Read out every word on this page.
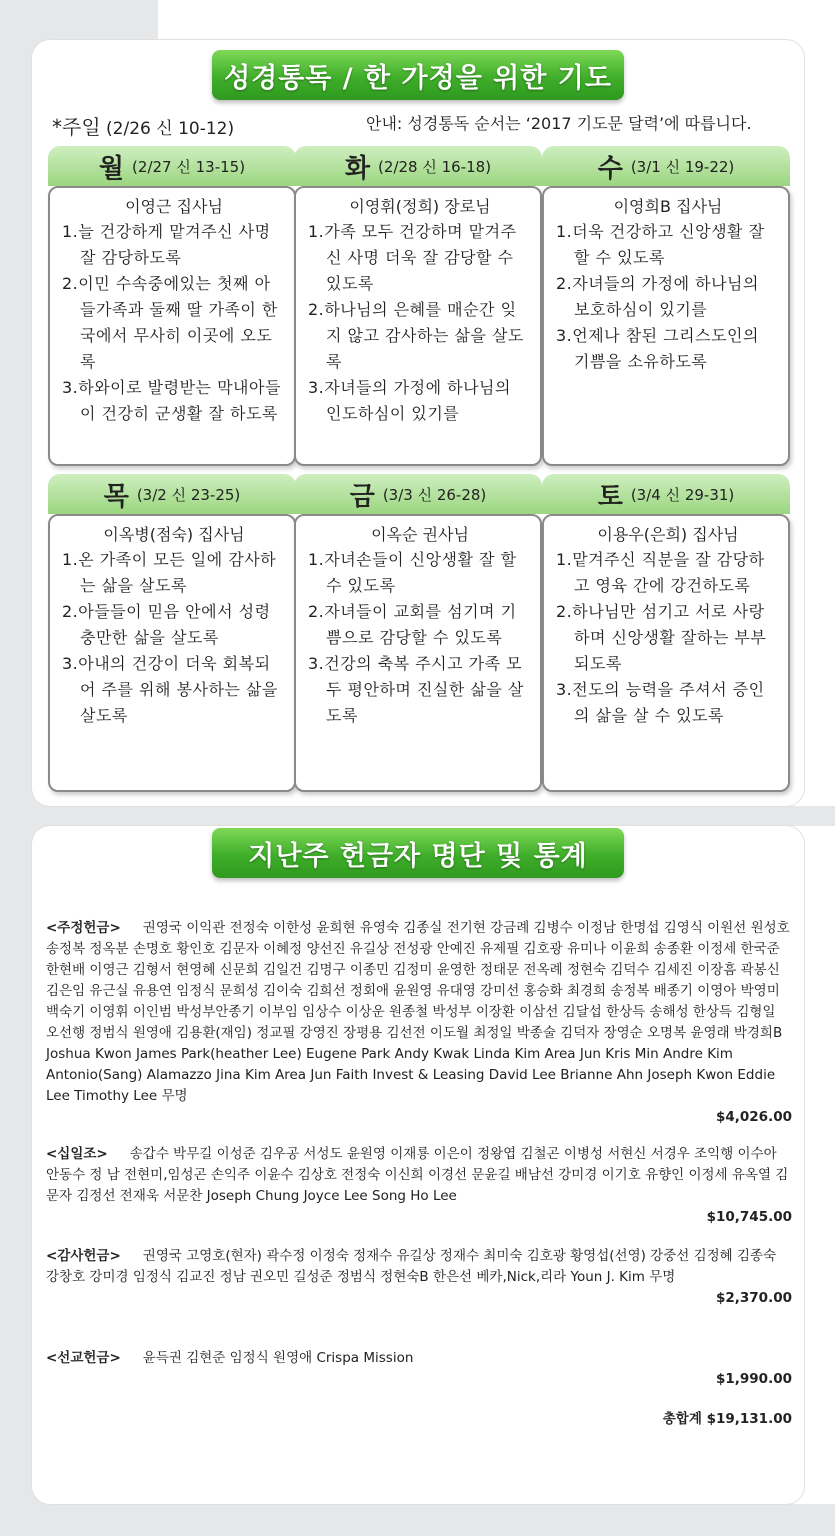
성경통독 / 한 가정을 위한 기도
*주일 (2/26 신 10-12)	안내: 성경통독 순서는 ‘2017 기도문 달력’에 따릅니다.
월 (2/27 신 13-15)
이영근 집사님
1.늘 건강하게 맡겨주신 사명 잘 감당하도록
2.이민 수속중에있는 첫째 아들가족과 둘째 딸 가족이 한국에서 무사히 이곳에 오도록
3.하와이로 발령받는 막내아들이 건강히 군생활 잘 하도록
화 (2/28 신 16-18)
이영휘(정희) 장로님
1.가족 모두 건강하며 맡겨주신 사명 더욱 잘 감당할 수 있도록
2.하나님의 은혜를 매순간 잊지 않고 감사하는 삶을 살도록
3.자녀들의 가정에 하나님의 인도하심이 있기를
수 (3/1 신 19-22)
이영희B 집사님
1.더욱 건강하고 신앙생활 잘 할 수 있도록
2.자녀들의 가정에 하나님의 보호하심이 있기를
3.언제나 참된 그리스도인의 기쁨을 소유하도록
목 (3/2 신 23-25)
이옥병(점숙) 집사님
1.온 가족이 모든 일에 감사하는 삶을 살도록
2.아들들이 믿음 안에서 성령 충만한 삶을 살도록
3.아내의 건강이 더욱 회복되어 주를 위해 봉사하는 삶을 살도록
금 (3/3 신 26-28)
이옥순 권사님
1.자녀손들이 신앙생활 잘 할 수 있도록
2.자녀들이 교회를 섬기며 기쁨으로 감당할 수 있도록
3.건강의 축복 주시고 가족 모두 평안하며 진실한 삶을 살도록
토 (3/4 신 29-31)
이용우(은희) 집사님
1.맡겨주신 직분을 잘 감당하고 영육 간에 강건하도록
2.하나님만 섬기고 서로 사랑하며 신앙생활 잘하는 부부되도록
3.전도의 능력을 주셔서 증인의 삶을 살 수 있도록
지난주 헌금자 명단 및 통계
<주정헌금> 권영국 이익관 전정숙 이한성 윤희현 유영숙 김종실 전기현 강금례 김병수 이정남 한명섭 김영식 이원선 원성호 송정복 정옥분 손명호 황인호 김문자 이혜정 양선진 유길상 전성광 안예진 유제필 김호광 유미나 이윤희 송종환 이정세 한국준 한현배 이영근 김형서 현영혜 신문희 김일건 김명구 이종민 김정미 윤영한 정태문 전옥례 정현숙 김덕수 김세진 이장흠 곽봉신 김은임 유근실 유용연 임정식 문희성 김이숙 김희선 정회애 윤원영 유대영 강미선 홍승화 최경희 송정복 배종기 이영아 박영미 백숙기 이영휘 이인범 박성부안종기 이부임 임상수 이상운 원종철 박성부 이장환 이삼선 김달섭 한상득 송해성 한상득 김형일 오선행 정범식 원영애 김용환(재임) 정교필 강영진 장평용 김선전 이도월 최정일 박종술 김덕자 장영순 오명복 윤영래 박경희B Joshua Kwon James Park(heather Lee) Eugene Park Andy Kwak Linda Kim Area Jun Kris Min Andre Kim Antonio(Sang) Alamazzo Jina Kim Area Jun Faith Invest & Leasing David Lee Brianne Ahn Joseph Kwon Eddie Lee Timothy Lee 무명
$4,026.00
<십일조> 송갑수 박무길 이성준 김우공 서성도 윤원영 이재룡 이은이 정왕엽 김철곤 이병성 서현신 서경우 조익행 이수아 안동수 정 남 전현미,임성곤 손익주 이윤수 김상호 전정숙 이신희 이경선 문윤길 배남선 강미경 이기호 유향인 이정세 유옥열 김문자 김정선 전재욱 서문찬 Joseph Chung Joyce Lee Song Ho Lee
$10,745.00
<감사헌금> 권영국 고영호(현자) 곽수정 이정숙 정재수 유길상 정재수 최미숙 김호광 황영섭(선영) 강중선 김정혜 김종숙 강창호 강미경 임정식 김교진 정남 권오민 길성준 정범식 정현숙B 한은선 베카,Nick,리라 Youn J. Kim 무명
$2,370.00
<선교헌금> 윤득권 김현준 임정식 원영애 Crispa Mission
$1,990.00
총합계 $19,131.00
